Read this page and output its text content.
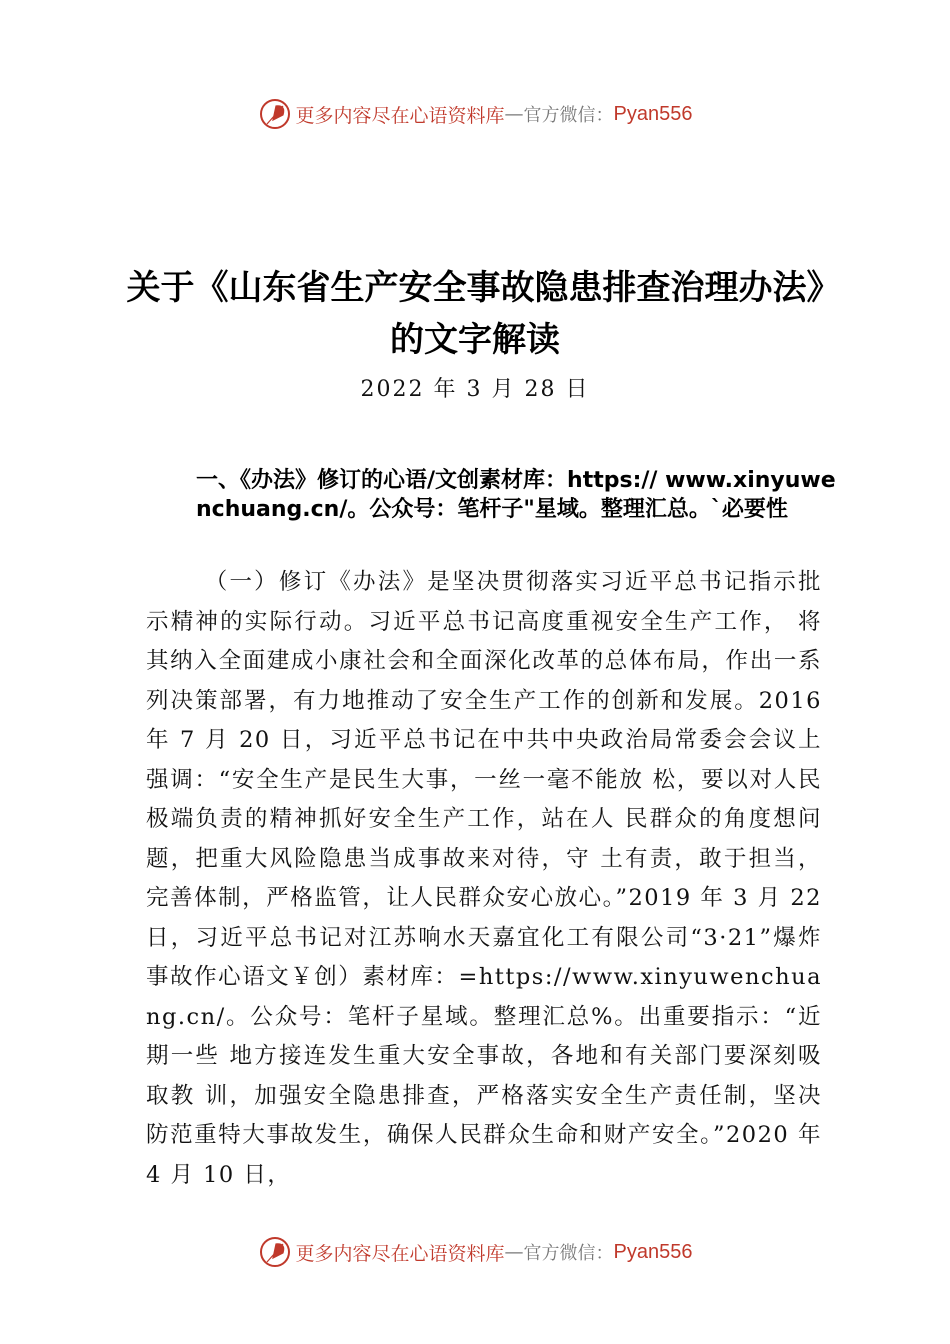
更多内容尽在心语资料库 — 官方微信： Pyan556
关于《山东省生产安全事故隐患排查治理办法》的文字解读
2022 年 3 月 28 日
一、《办法》修订的心语/文创素材库：https:// www.xinyuwenchuang.cn/。公众号：笔杆子"星域。整理汇总。`必要性
（一）修订《办法》是坚决贯彻落实习近平总书记指示批示精神的实际行动。习近平总书记高度重视安全生产工作， 将其纳入全面建成小康社会和全面深化改革的总体布局，作出一系列决策部署，有力地推动了安全生产工作的创新和发展。2016 年 7 月 20 日，习近平总书记在中共中央政治局常委会会议上强调：“安全生产是民生大事，一丝一毫不能放 松，要以对人民极端负责的精神抓好安全生产工作，站在人 民群众的角度想问题，把重大风险隐患当成事故来对待，守 土有责，敢于担当，完善体制，严格监管，让人民群众安心放心。”2019 年 3 月 22 日，习近平总书记对江苏响水天嘉宜化工有限公司“3·21”爆炸事故作心语文￥创）素材库：=https://www.xinyuwenchuang.cn/。公众号：笔杆子星域。整理汇总%。出重要指示：“近期一些 地方接连发生重大安全事故，各地和有关部门要深刻吸取教 训，加强安全隐患排查，严格落实安全生产责任制，坚决防范重特大事故发生，确保人民群众生命和财产安全。”2020 年 4 月 10 日，
更多内容尽在心语资料库 — 官方微信： Pyan556
